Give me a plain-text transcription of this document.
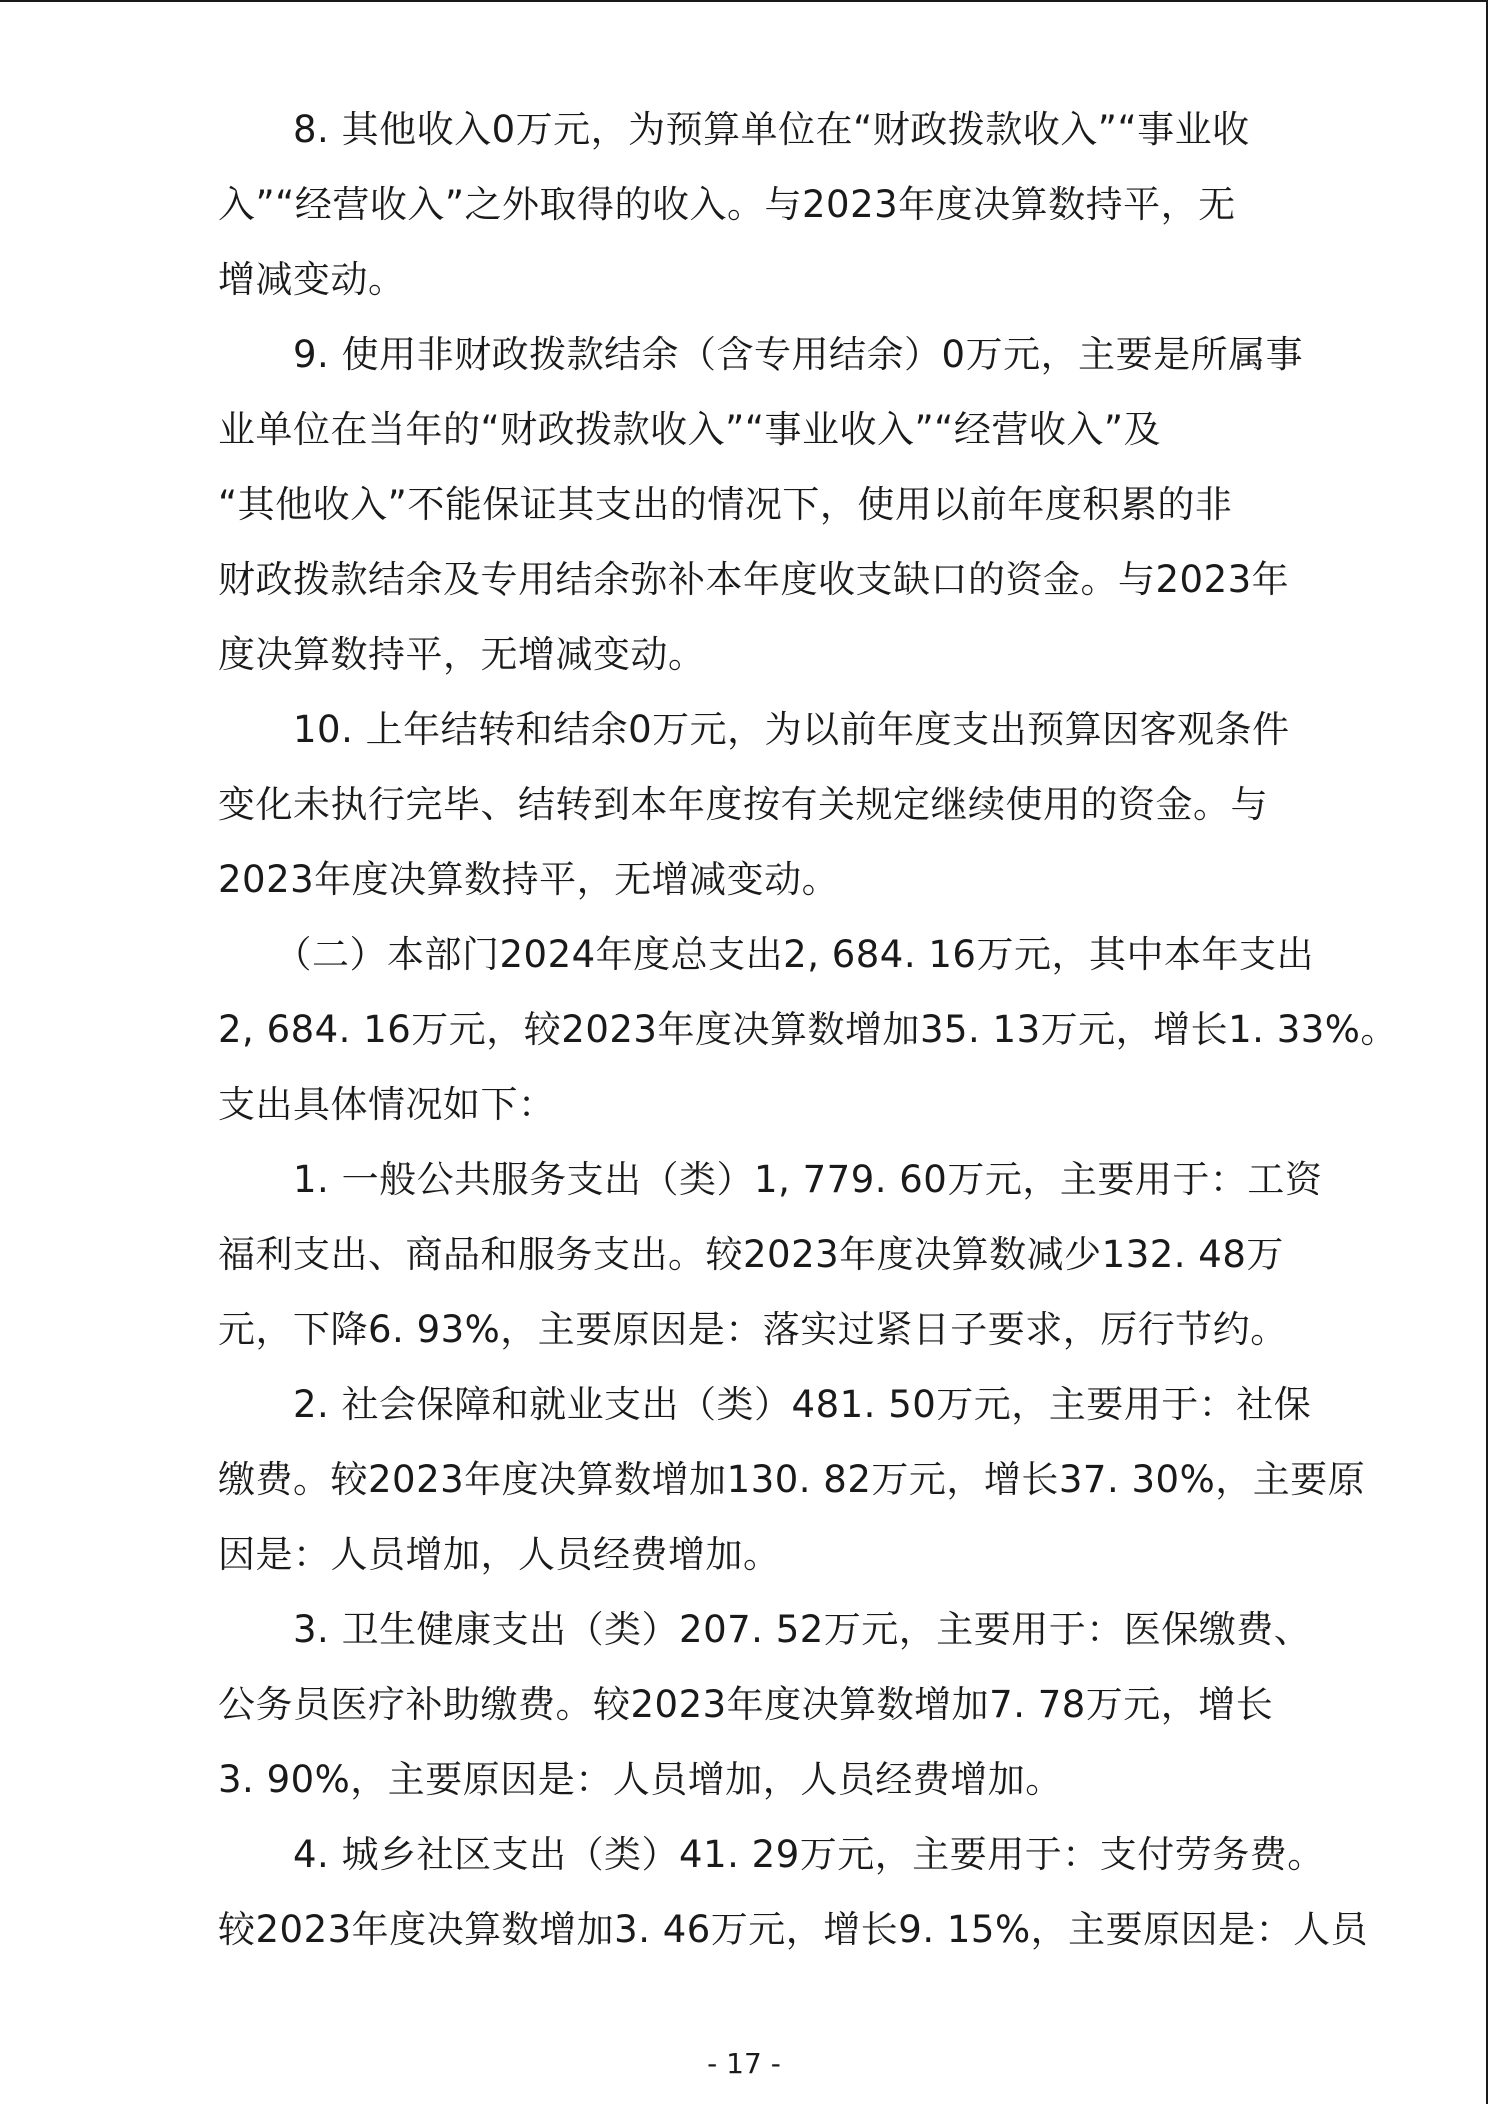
　　8. 其他收入0万元，为预算单位在“财政拨款收入”“事业收
入”“经营收入”之外取得的收入。与2023年度决算数持平，无
增减变动。
　　9. 使用非财政拨款结余（含专用结余）0万元，主要是所属事
业单位在当年的“财政拨款收入”“事业收入”“经营收入”及
“其他收入”不能保证其支出的情况下，使用以前年度积累的非
财政拨款结余及专用结余弥补本年度收支缺口的资金。与2023年
度决算数持平，无增减变动。
　　10. 上年结转和结余0万元，为以前年度支出预算因客观条件
变化未执行完毕、结转到本年度按有关规定继续使用的资金。与
2023年度决算数持平，无增减变动。
　　（二）本部门2024年度总支出2, 684. 16万元，其中本年支出
2, 684. 16万元，较2023年度决算数增加35. 13万元，增长1. 33%。
支出具体情况如下：
　　1. 一般公共服务支出（类）1, 779. 60万元，主要用于：工资
福利支出、商品和服务支出。较2023年度决算数减少132. 48万
元，下降6. 93%，主要原因是：落实过紧日子要求，厉行节约。
　　2. 社会保障和就业支出（类）481. 50万元，主要用于：社保
缴费。较2023年度决算数增加130. 82万元，增长37. 30%，主要原
因是：人员增加，人员经费增加。
　　3. 卫生健康支出（类）207. 52万元，主要用于：医保缴费、
公务员医疗补助缴费。较2023年度决算数增加7. 78万元，增长
3. 90%，主要原因是：人员增加，人员经费增加。
　　4. 城乡社区支出（类）41. 29万元，主要用于：支付劳务费。
较2023年度决算数增加3. 46万元，增长9. 15%，主要原因是：人员
- 17 -
